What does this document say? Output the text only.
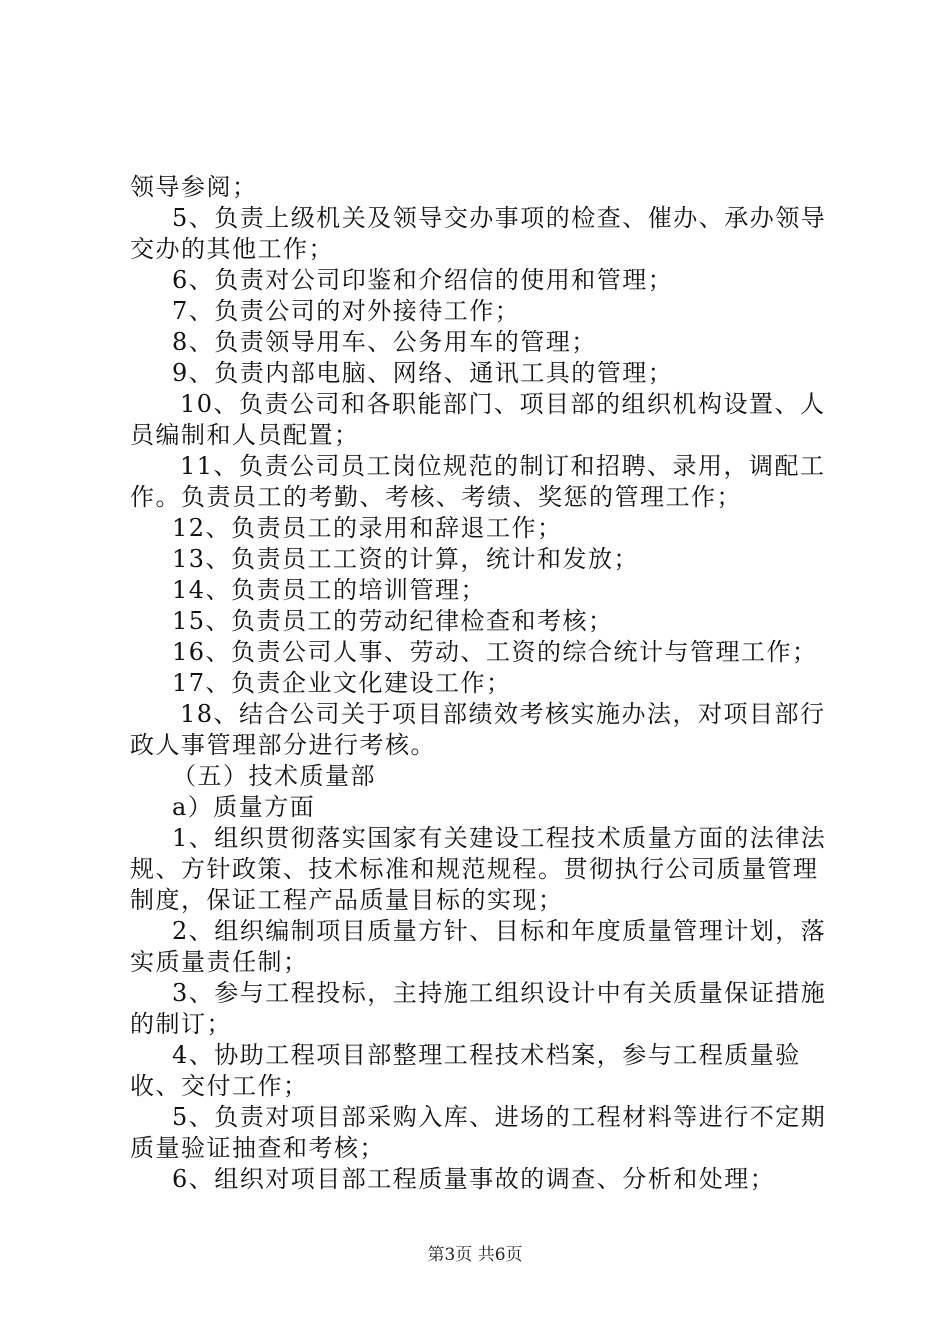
领导参阅；

5、负责上级机关及领导交办事项的检查、催办、承办领导交办的其他工作；

6、负责对公司印鉴和介绍信的使用和管理；

7、负责公司的对外接待工作；

8、负责领导用车、公务用车的管理；

9、负责内部电脑、网络、通讯工具的管理；

10、负责公司和各职能部门、项目部的组织机构设置、人员编制和人员配置；

11、负责公司员工岗位规范的制订和招聘、录用，调配工作。负责员工的考勤、考核、考绩、奖惩的管理工作；

12、负责员工的录用和辞退工作；

13、负责员工工资的计算，统计和发放；

14、负责员工的培训管理；

15、负责员工的劳动纪律检查和考核；

16、负责公司人事、劳动、工资的综合统计与管理工作；

17、负责企业文化建设工作；

18、结合公司关于项目部绩效考核实施办法，对项目部行政人事管理部分进行考核。

（五）技术质量部

a）质量方面

1、组织贯彻落实国家有关建设工程技术质量方面的法律法规、方针政策、技术标准和规范规程。贯彻执行公司质量管理制度，保证工程产品质量目标的实现；

2、组织编制项目质量方针、目标和年度质量管理计划，落实质量责任制；

3、参与工程投标，主持施工组织设计中有关质量保证措施的制订；

4、协助工程项目部整理工程技术档案，参与工程质量验收、交付工作；

5、负责对项目部采购入库、进场的工程材料等进行不定期质量验证抽查和考核；

6、组织对项目部工程质量事故的调查、分析和处理；

第3页 共6页
